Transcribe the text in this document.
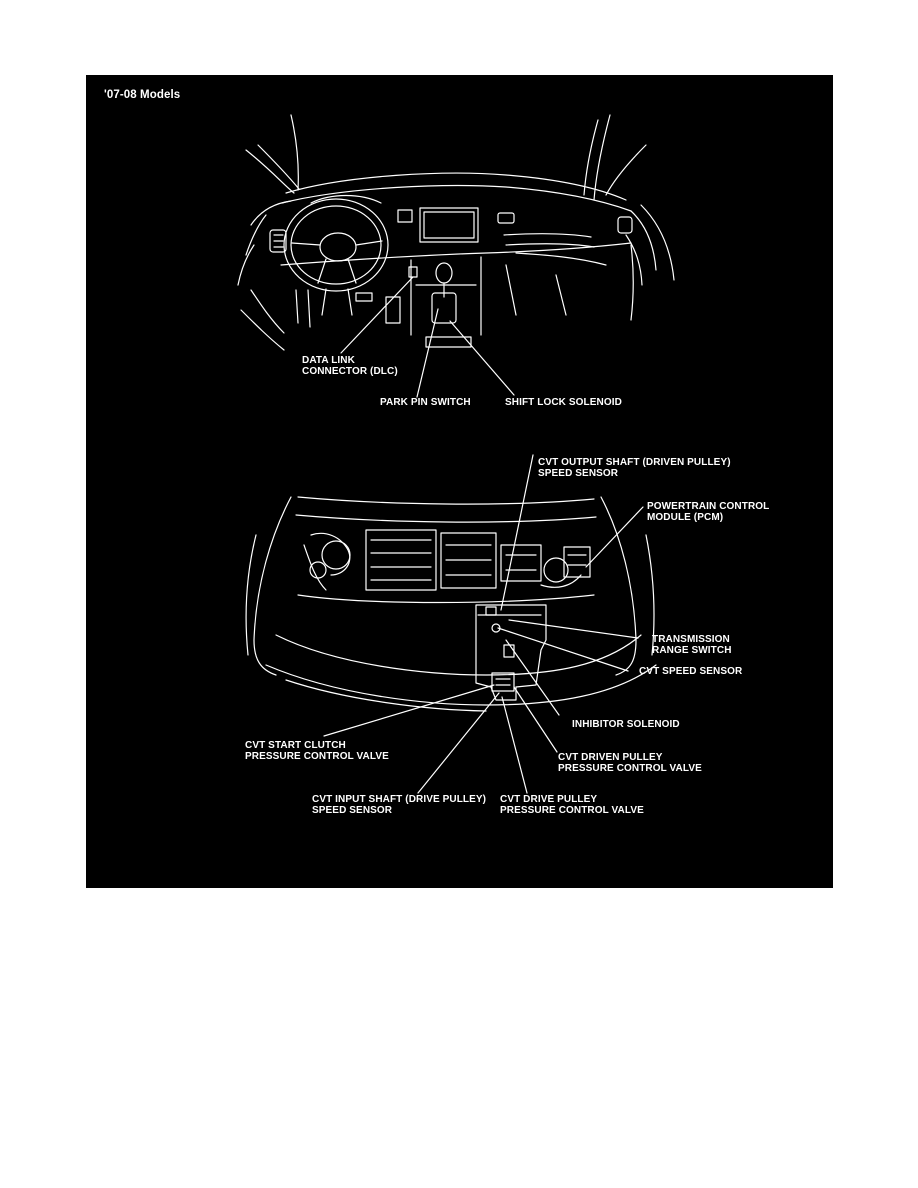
'07-08 Models
DATA LINK
CONNECTOR (DLC)
PARK PIN SWITCH	SHIFT LOCK SOLENOID
CVT OUTPUT SHAFT (DRIVEN PULLEY)
SPEED SENSOR
POWERTRAIN CONTROL
MODULE (PCM)
TRANSMISSION
RANGE SWITCH
CVT SPEED SENSOR
INHIBITOR SOLENOID
CVT START CLUTCH
PRESSURE CONTROL VALVE	CVT DRIVEN PULLEY
PRESSURE CONTROL VALVE
CVT INPUT SHAFT (DRIVE PULLEY)
SPEED SENSOR
CVT DRIVE PULLEY
PRESSURE CONTROL VALVE
